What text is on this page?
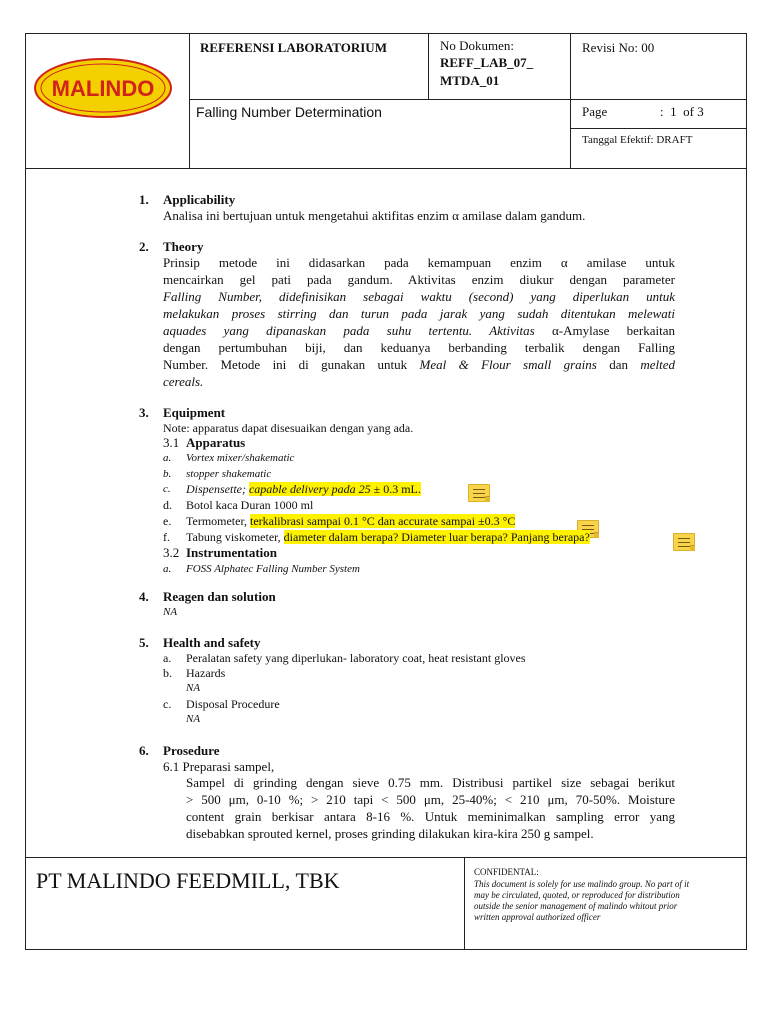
MALINDO
REFERENSI LABORATORIUM	No Dokumen:
REFF_LAB_07_
MTDA_01
Revisi No: 00
Falling Number Determination	Page	:  1  of 3
Tanggal Efektif: DRAFT
1. Applicability
Analisa ini bertujuan untuk mengetahui aktifitas enzim α amilase dalam gandum.
2. Theory
Prinsip metode ini didasarkan pada kemampuan enzim α amilase untuk
mencairkan gel pati pada gandum. Aktivitas enzim diukur dengan parameter
Falling Number, didefinisikan sebagai waktu (second) yang diperlukan untuk
melakukan proses stirring dan turun pada jarak yang sudah ditentukan melewati
aquades yang dipanaskan pada suhu tertentu. Aktivitas α-Amylase berkaitan
dengan pertumbuhan biji, dan keduanya berbanding terbalik dengan Falling
Number. Metode ini di gunakan untuk Meal & Flour small grains dan melted
cereals.
3. Equipment
Note: apparatus dapat disesuaikan dengan yang ada.
3.1 Apparatus
a. Vortex mixer/shakematic
b. stopper shakematic
c. Dispensette; capable delivery pada 25 ± 0.3 mL.
d. Botol kaca Duran 1000 ml
e. Termometer, terkalibrasi sampai 0.1 °C dan accurate sampai ±0.3 °C
f. Tabung viskometer, diameter dalam berapa? Diameter luar berapa? Panjang berapa?
3.2 Instrumentation
a. FOSS Alphatec Falling Number System
4. Reagen dan solution
NA
5. Health and safety
a. Peralatan safety yang diperlukan- laboratory coat, heat resistant gloves
b. Hazards
NA
c. Disposal Procedure
NA
6. Prosedure
6.1 Preparasi sampel,
Sampel di grinding dengan sieve 0.75 mm. Distribusi partikel size sebagai berikut
> 500 μm, 0-10 %; > 210 tapi < 500 μm, 25-40%; < 210 μm, 70-50%. Moisture
content grain berkisar antara 8-16 %. Untuk meminimalkan sampling error yang
disebabkan sprouted kernel, proses grinding dilakukan kira-kira 250 g sampel.
PT MALINDO FEEDMILL, TBK	CONFIDENTAL:
This document is solely for use malindo group. No part of it
may be circulated, quoted, or reproduced for distribution
outside the senior management of malindo whitout prior
written approval authorized officer
